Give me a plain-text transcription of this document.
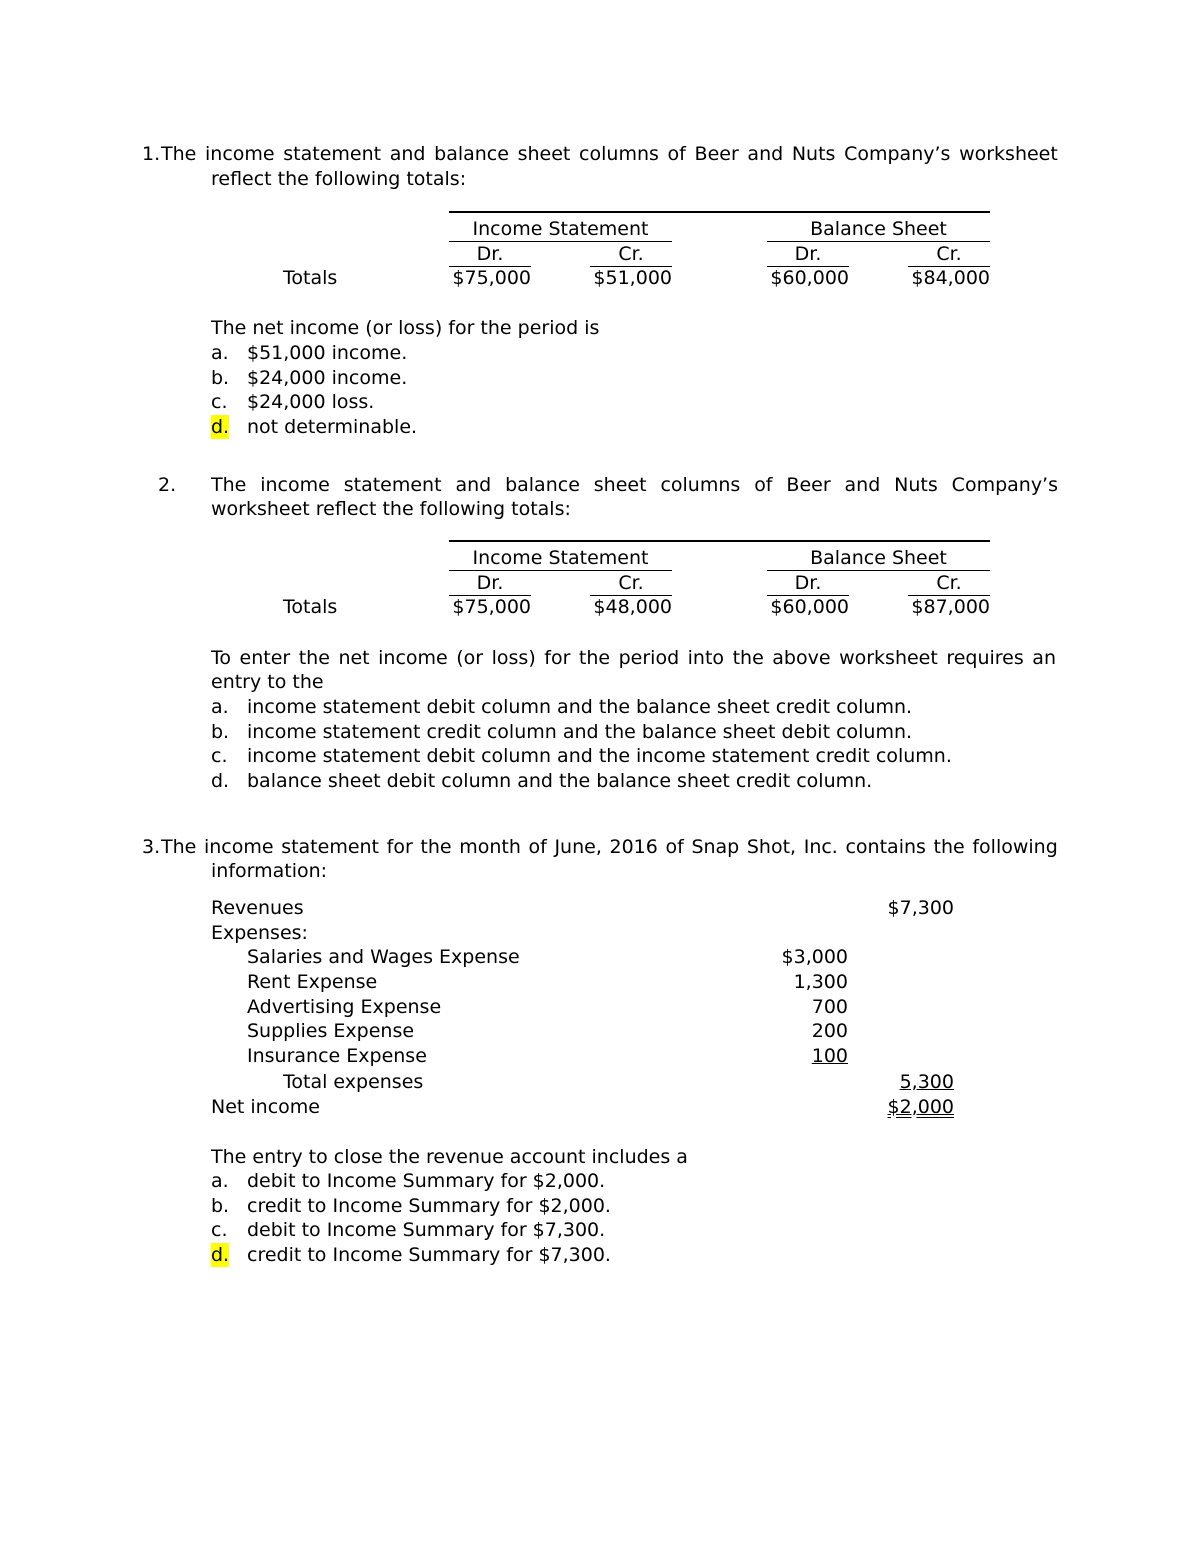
1. The income statement and balance sheet columns of Beer and Nuts Company’s worksheet
reflect the following totals:
Income Statement	Balance Sheet
Dr.	Cr.	Dr.	Cr.
Totals	$75,000	$51,000	$60,000	$84,000
The net income (or loss) for the period is
a. $51,000 income.
b. $24,000 income.
c. $24,000 loss.
d. not determinable.
2. The income statement and balance sheet columns of Beer and Nuts Company’s
worksheet reflect the following totals:
Income Statement	Balance Sheet
Dr.	Cr.	Dr.	Cr.
Totals	$75,000	$48,000	$60,000	$87,000
To enter the net income (or loss) for the period into the above worksheet requires an
entry to the
a. income statement debit column and the balance sheet credit column.
b. income statement credit column and the balance sheet debit column.
c. income statement debit column and the income statement credit column.
d. balance sheet debit column and the balance sheet credit column.
3. The income statement for the month of June, 2016 of Snap Shot, Inc. contains the following
information:
Revenues	$7,300
Expenses:
Salaries and Wages Expense	$3,000
Rent Expense	1,300
Advertising Expense	700
Supplies Expense	200
Insurance Expense	100
Total expenses	5,300
Net income	$2,000
The entry to close the revenue account includes a
a. debit to Income Summary for $2,000.
b. credit to Income Summary for $2,000.
c. debit to Income Summary for $7,300.
d. credit to Income Summary for $7,300.
